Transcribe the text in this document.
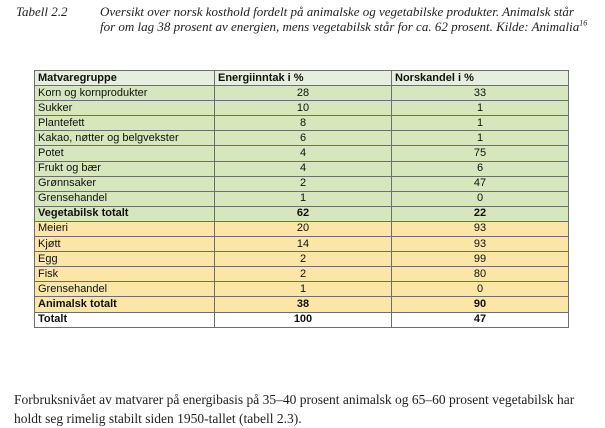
Tabell 2.2	Oversikt over norsk kosthold fordelt på animalske og vegetabilske produkter. Animalsk står for om lag 38 prosent av energien, mens vegetabilsk står for ca. 62 prosent. Kilde: Animalia$^{16}$
Matvaregruppe	Energiinntak i %	Norskandel i %
Korn og kornprodukter	28	33
Sukker	10	1
Plantefett	8	1
Kakao, nøtter og belgvekster	6	1
Potet	4	75
Frukt og bær	4	6
Grønnsaker	2	47
Grensehandel	1	0
Vegetabilsk totalt	62	22
Meieri	20	93
Kjøtt	14	93
Egg	2	99
Fisk	2	80
Grensehandel	1	0
Animalsk totalt	38	90
Totalt	100	47

Forbruksnivået av matvarer på energibasis på 35–40 prosent animalsk og 65–60 prosent vegetabilsk har holdt seg rimelig stabilt siden 1950-tallet (tabell 2.3).
